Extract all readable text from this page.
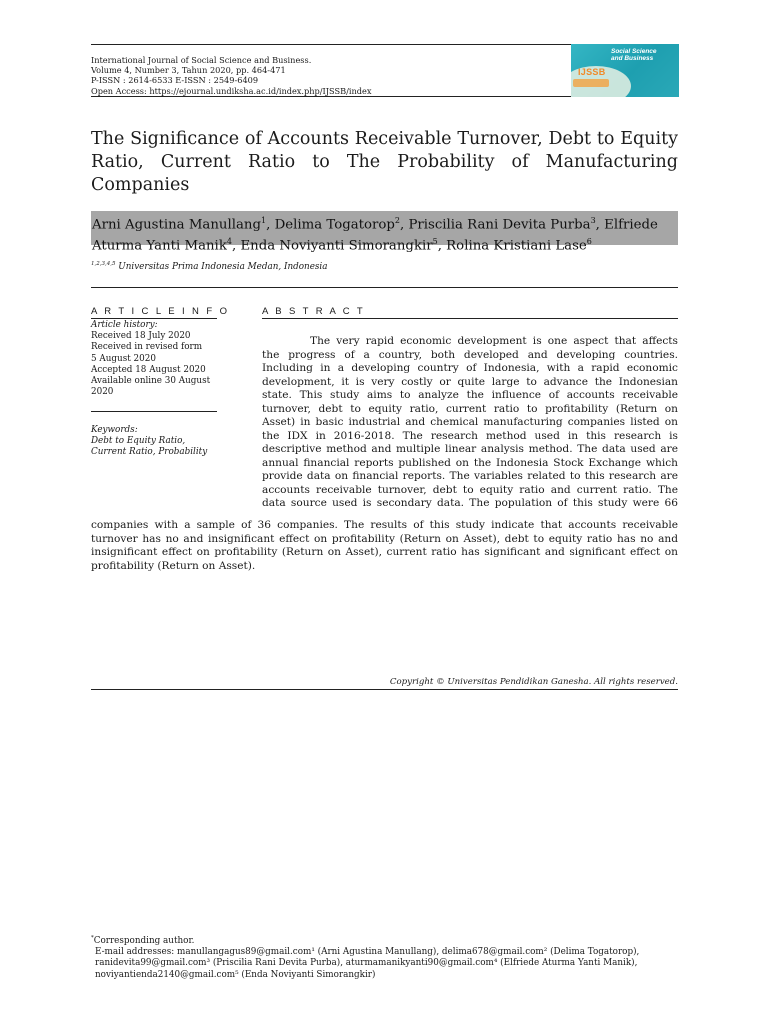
International Journal of Social Science and Business.
Volume 4, Number 3, Tahun 2020, pp. 464-471
P-ISSN : 2614-6533 E-ISSN : 2549-6409
Open Access: https://ejournal.undiksha.ac.id/index.php/IJSSB/index
IJSSB
Social Science
and Business
The Significance of Accounts Receivable Turnover, Debt to Equity Ratio, Current Ratio to The Probability of Manufacturing Companies
Arni Agustina Manullang$^1$, Delima Togatorop$^2$, Priscilia Rani Devita Purba$^3$, Elfriede Aturma Yanti Manik$^4$, Enda Noviyanti Simorangkir$^5$, Rolina Kristiani Lase$^6$
$^{1,2,3,4,5}$ Universitas Prima Indonesia Medan, Indonesia
A R T I C L E I N F O
Article history:
Received 18 July 2020
Received in revised form
5 August 2020
Accepted 18 August 2020
Available online 30 August
2020
Keywords:
Debt to Equity Ratio,
Current Ratio, Probability
A B S T R A C T
The very rapid economic development is one aspect that affects
the progress of a country, both developed and developing countries.
Including in a developing country of Indonesia, with a rapid economic
development, it is very costly or quite large to advance the Indonesian
state. This study aims to analyze the influence of accounts receivable
turnover, debt to equity ratio, current ratio to profitability (Return on
Asset) in basic industrial and chemical manufacturing companies listed on
the IDX in 2016-2018. The research method used in this research is
descriptive method and multiple linear analysis method. The data used are
annual financial reports published on the Indonesia Stock Exchange which
provide data on financial reports. The variables related to this research are
accounts receivable turnover, debt to equity ratio and current ratio. The
data source used is secondary data. The population of this study were 66
companies with a sample of 36 companies. The results of this study indicate that accounts receivable
turnover has no and insignificant effect on profitability (Return on Asset), debt to equity ratio has no and
insignificant effect on profitability (Return on Asset), current ratio has significant and significant effect on
profitability (Return on Asset).
Copyright © Universitas Pendidikan Ganesha. All rights reserved.
*Corresponding author.
E-mail addresses: manullangagus89@gmail.com¹ (Arni Agustina Manullang), delima678@gmail.com² (Delima Togatorop),
ranidevita99@gmail.com³ (Priscilia Rani Devita Purba), aturmamanikyanti90@gmail.com⁴ (Elfriede Aturma Yanti Manik),
noviyantienda2140@gmail.com⁵ (Enda Noviyanti Simorangkir)
